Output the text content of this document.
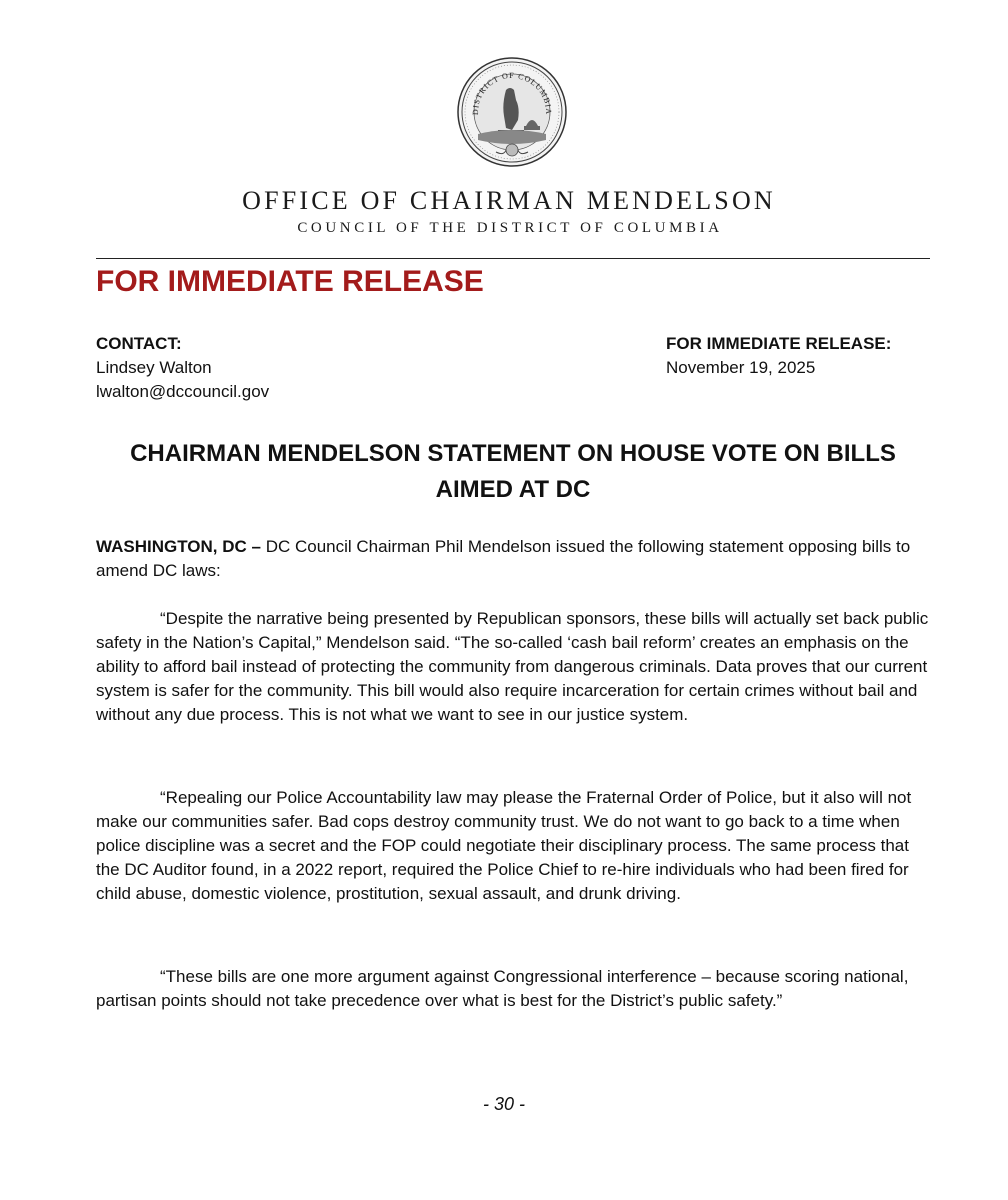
DISTRICT OF COLUMBIA
OFFICE OF CHAIRMAN MENDELSON
COUNCIL OF THE DISTRICT OF COLUMBIA
FOR IMMEDIATE RELEASE
CONTACT:
Lindsey Walton
lwalton@dccouncil.gov
FOR IMMEDIATE RELEASE:
November 19, 2025
CHAIRMAN MENDELSON STATEMENT ON HOUSE VOTE ON BILLS AIMED AT DC
WASHINGTON, DC – DC Council Chairman Phil Mendelson issued the following statement opposing bills to amend DC laws:

“Despite the narrative being presented by Republican sponsors, these bills will actually set back public safety in the Nation’s Capital,” Mendelson said. “The so-called ‘cash bail reform’ creates an emphasis on the ability to afford bail instead of protecting the community from dangerous criminals. Data proves that our current system is safer for the community. This bill would also require incarceration for certain crimes without bail and without any due process. This is not what we want to see in our justice system.

“Repealing our Police Accountability law may please the Fraternal Order of Police, but it also will not make our communities safer. Bad cops destroy community trust. We do not want to go back to a time when police discipline was a secret and the FOP could negotiate their disciplinary process. The same process that the DC Auditor found, in a 2022 report, required the Police Chief to re-hire individuals who had been fired for child abuse, domestic violence, prostitution, sexual assault, and drunk driving.

“These bills are one more argument against Congressional interference – because scoring national, partisan points should not take precedence over what is best for the District’s public safety.”

- 30 -
